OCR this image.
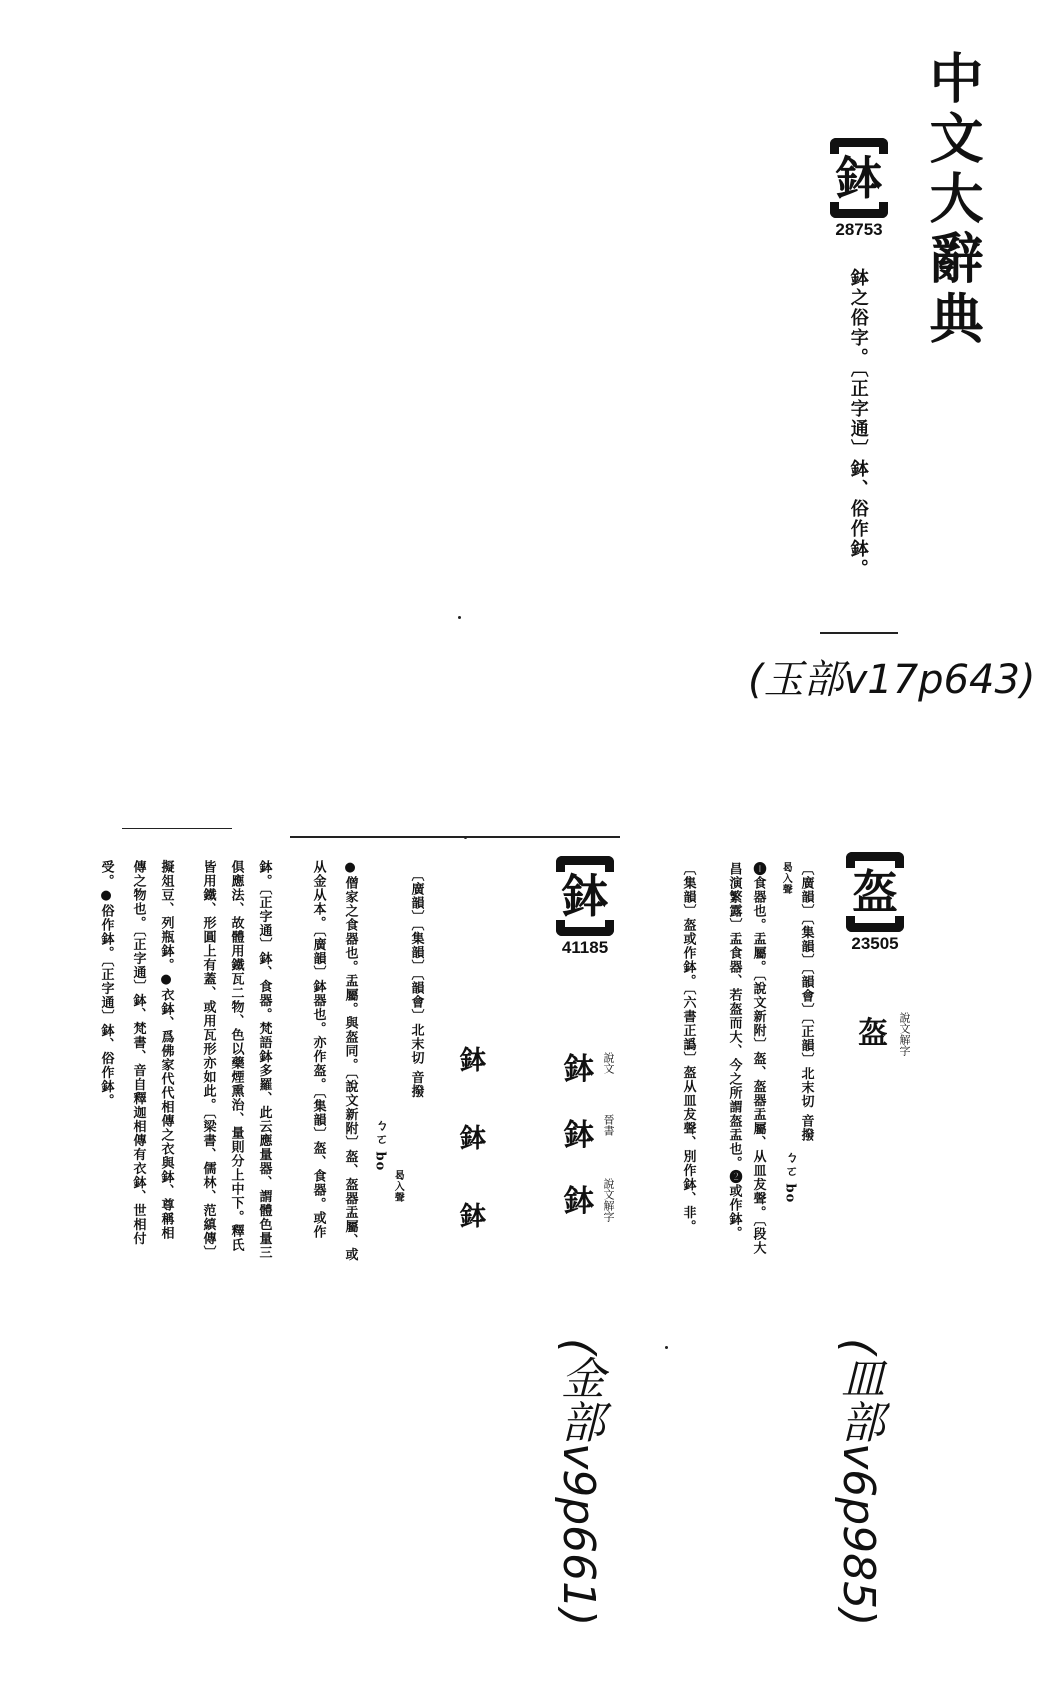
中文大辭典
鉢
28753
鉢之俗字。〔正字通〕鉢、俗作鉢。
(玉部v17p643)
盔
23505
盔 說文解字
〔廣韻〕〔集韻〕〔韻會〕〔正韻〕北末切 音撥
曷入聲
ㄅㄛ bo
❶食器也。盂屬。〔說文新附〕盔、盔器盂屬、从皿犮聲。〔段大
昌演繁露〕盂食器、若盔而大、今之所謂盔盂也。❷或作鉢。
〔集韻〕盔或作鉢。〔六書正譌〕盔从皿犮聲、別作鉢、非。
(皿部v6p985)
鉢
41185
鉢 說文
鉢 晉書
鉢 說文解字
鉢
鉢
鉢
〔廣韻〕〔集韻〕〔韻會〕北末切 音撥
曷入聲
ㄅㄛ bo
●僧家之食器也。盂屬。與盔同。〔說文新附〕盔、盔器盂屬、或
从金从本。〔廣韻〕鉢器也。亦作盔。〔集韻〕盔、食器。或作
鉢。〔正字通〕鉢、食器。梵語鉢多羅、此云應量器、謂體色量三
俱應法、故體用鐵瓦二物、色以藥煙熏治、量則分上中下。釋氏
皆用鐵、形圓上有蓋、或用瓦形亦如此。〔梁書、儒林、范縝傳〕
擬俎豆、列瓶鉢。●衣鉢、爲佛家代代相傳之衣與鉢、尊稱相
傳之物也。〔正字通〕鉢、梵書、音自釋迦相傳有衣鉢、世相付
受。●俗作鉢。〔正字通〕鉢、俗作鉢。
(金部v9p661)
